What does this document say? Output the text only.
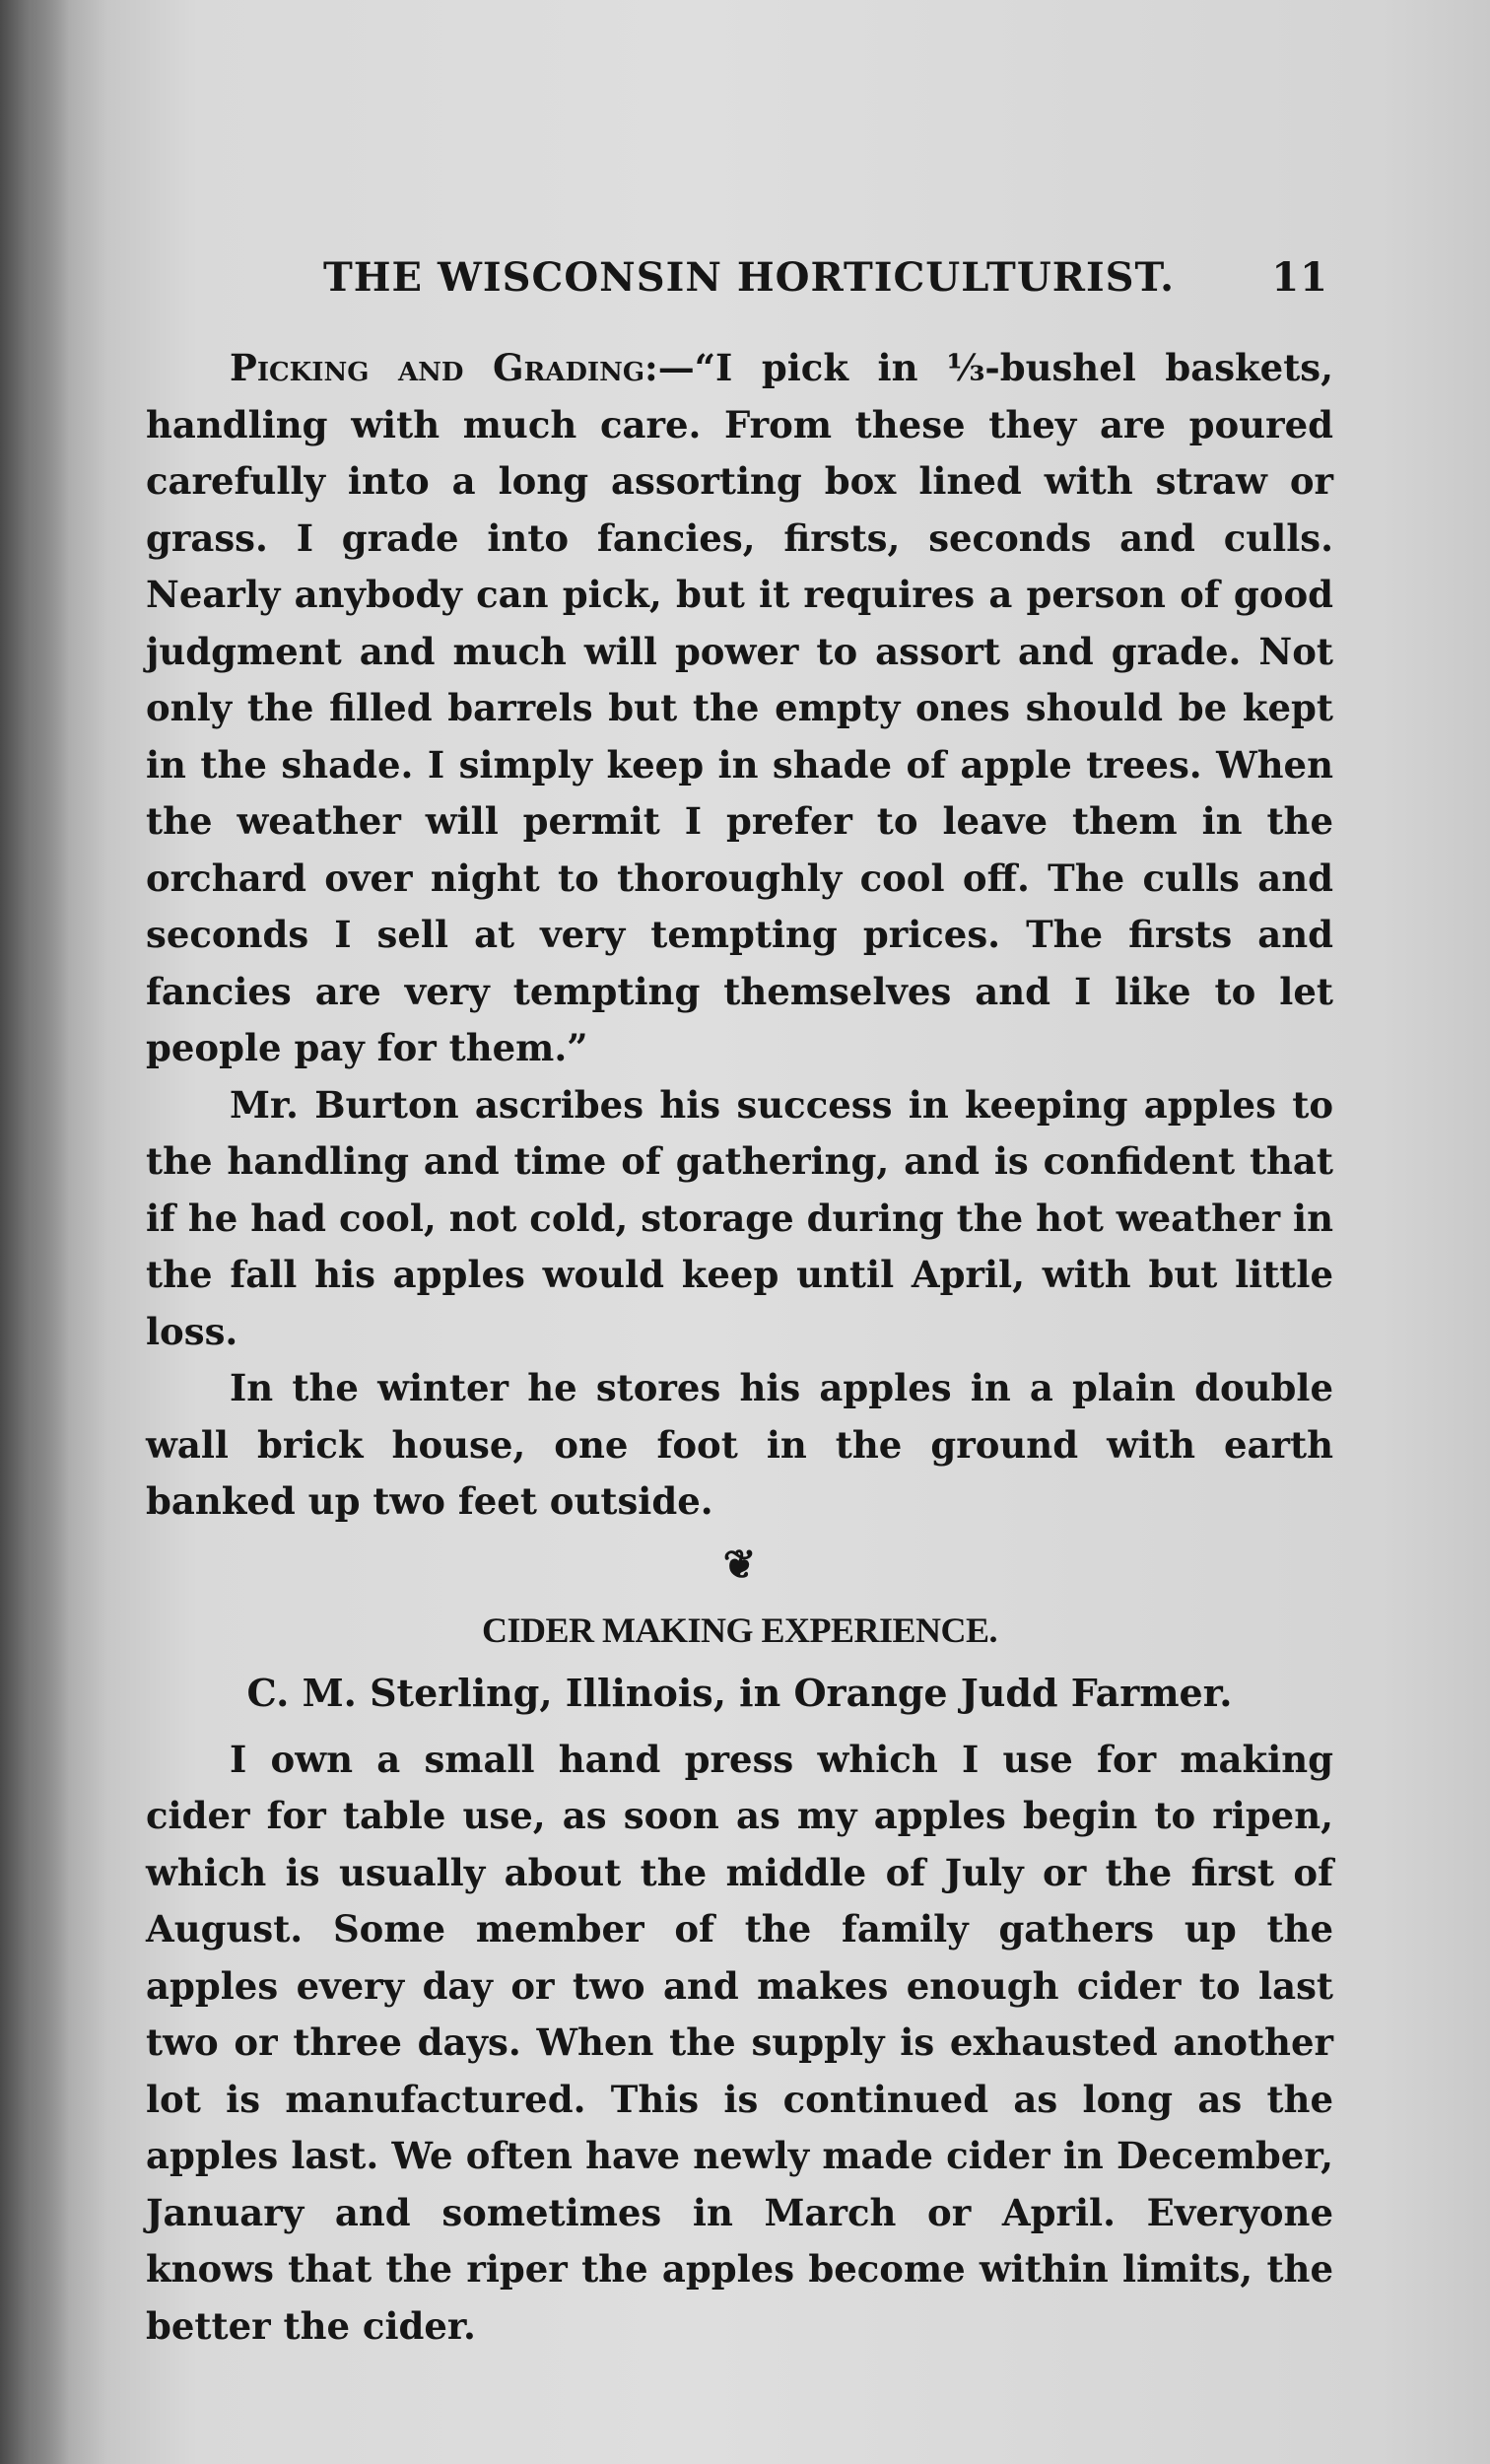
THE WISCONSIN HORTICULTURIST. 11

Picking and Grading:—“I pick in ⅓-bushel baskets, handling with much care. From these they are poured carefully into a long assorting box lined with straw or grass. I grade into fancies, firsts, seconds and culls. Nearly anybody can pick, but it requires a person of good judgment and much will power to assort and grade. Not only the filled barrels but the empty ones should be kept in the shade. I simply keep in shade of apple trees. When the weather will permit I prefer to leave them in the orchard over night to thoroughly cool off. The culls and seconds I sell at very tempting prices. The firsts and fancies are very tempting themselves and I like to let people pay for them.”

Mr. Burton ascribes his success in keeping apples to the handling and time of gathering, and is confident that if he had cool, not cold, storage during the hot weather in the fall his apples would keep until April, with but little loss.

In the winter he stores his apples in a plain double wall brick house, one foot in the ground with earth banked up two feet outside.

❦
CIDER MAKING EXPERIENCE.
C. M. Sterling, Illinois, in Orange Judd Farmer.

I own a small hand press which I use for making cider for table use, as soon as my apples begin to ripen, which is usually about the middle of July or the first of August. Some member of the family gathers up the apples every day or two and makes enough cider to last two or three days. When the supply is exhausted another lot is manufactured. This is continued as long as the apples last. We often have newly made cider in December, January and sometimes in March or April. Everyone knows that the riper the apples become within limits, the better the cider.
